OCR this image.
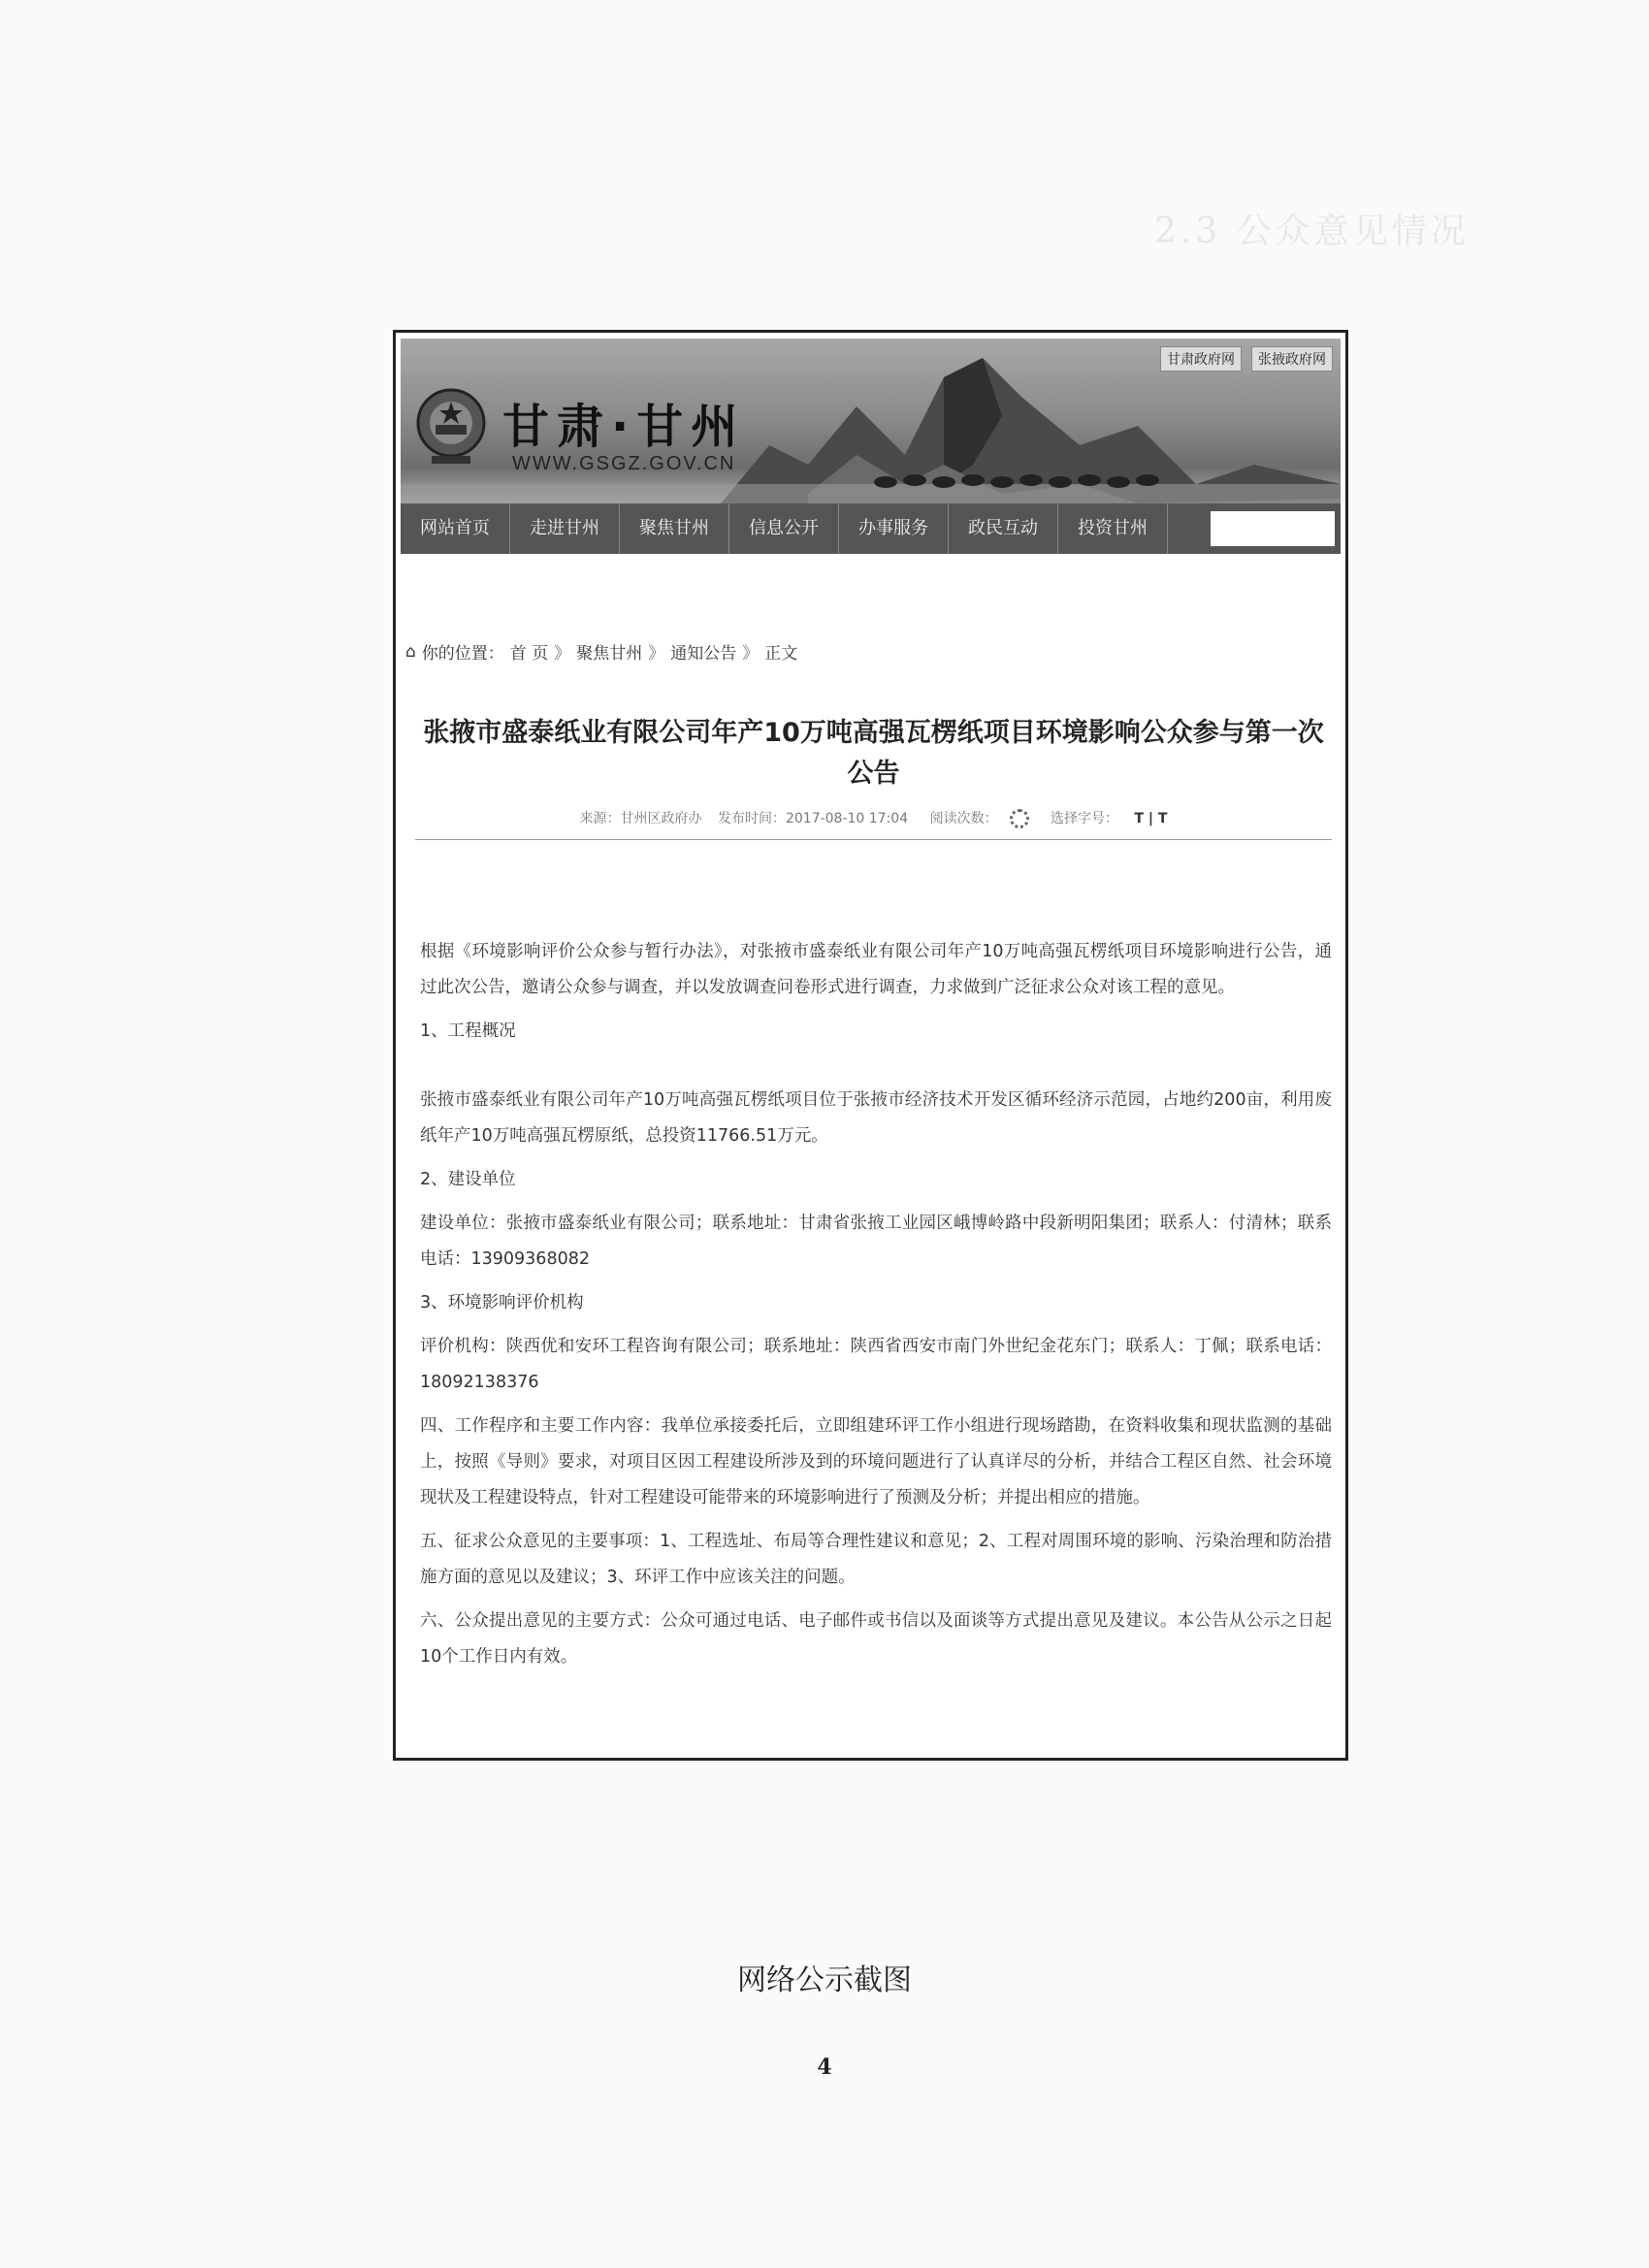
2.3 公众意见情况
甘肃政府网	张掖政府网
甘肃·甘州
WWW.GSGZ.GOV.CN
网站首页	走进甘州	聚焦甘州	信息公开	办事服务	政民互动	投资甘州
⌂ 你的位置： 首 页 》 聚焦甘州 》 通知公告 》 正文
张掖市盛泰纸业有限公司年产10万吨高强瓦楞纸项目环境影响公众参与第一次公告
来源：甘州区政府办 发布时间：2017-08-10 17:04 阅读次数：	选择字号： T | T

根据《环境影响评价公众参与暂行办法》，对张掖市盛泰纸业有限公司年产10万吨高强瓦楞纸项目环境影响进行公告，通过此次公告，邀请公众参与调查，并以发放调查问卷形式进行调查，力求做到广泛征求公众对该工程的意见。

1、工程概况

张掖市盛泰纸业有限公司年产10万吨高强瓦楞纸项目位于张掖市经济技术开发区循环经济示范园，占地约200亩，利用废纸年产10万吨高强瓦楞原纸，总投资11766.51万元。

2、建设单位

建设单位：张掖市盛泰纸业有限公司；联系地址：甘肃省张掖工业园区峨博岭路中段新明阳集团；联系人：付清林；联系电话：13909368082

3、环境影响评价机构

评价机构：陕西优和安环工程咨询有限公司；联系地址：陕西省西安市南门外世纪金花东门；联系人：丁佩；联系电话：18092138376

四、工作程序和主要工作内容：我单位承接委托后，立即组建环评工作小组进行现场踏勘，在资料收集和现状监测的基础上，按照《导则》要求，对项目区因工程建设所涉及到的环境问题进行了认真详尽的分析，并结合工程区自然、社会环境现状及工程建设特点，针对工程建设可能带来的环境影响进行了预测及分析；并提出相应的措施。

五、征求公众意见的主要事项：1、工程选址、布局等合理性建议和意见；2、工程对周围环境的影响、污染治理和防治措施方面的意见以及建议；3、环评工作中应该关注的问题。

六、公众提出意见的主要方式：公众可通过电话、电子邮件或书信以及面谈等方式提出意见及建议。本公告从公示之日起10个工作日内有效。

网络公示截图
4
